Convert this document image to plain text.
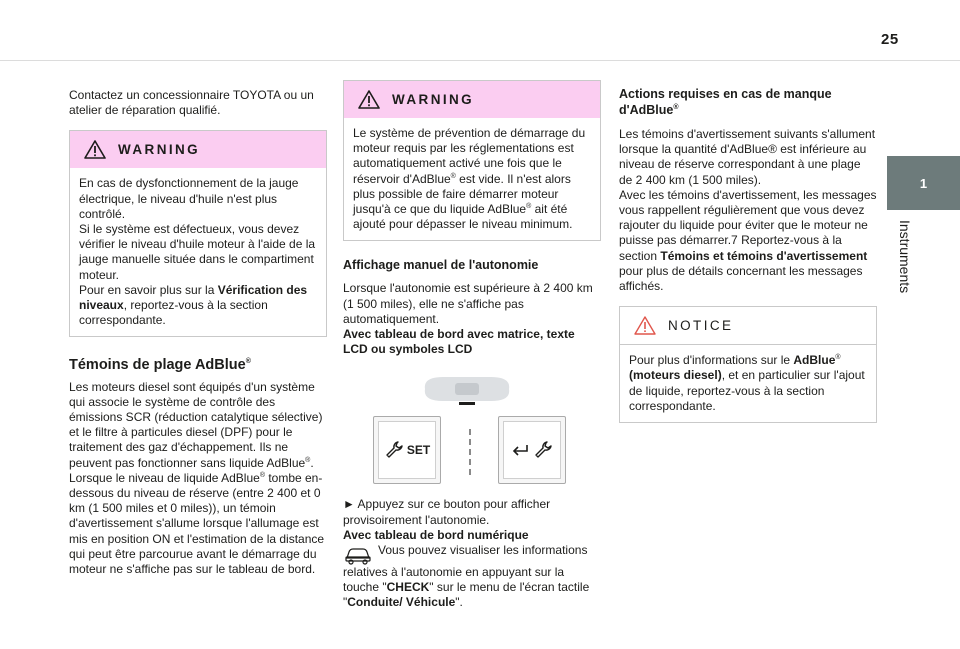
25
1
Instruments

Contactez un concessionnaire TOYOTA ou un atelier de réparation qualifié.

WARNING

En cas de dysfonctionnement de la jauge électrique, le niveau d'huile n'est plus contrôlé.

Si le système est défectueux, vous devez vérifier le niveau d'huile moteur à l'aide de la jauge manuelle située dans le compartiment moteur.

Pour en savoir plus sur la Vérification des niveaux, reportez-vous à la section correspondante.

Témoins de plage AdBlue®

Les moteurs diesel sont équipés d'un système qui associe le système de contrôle des émissions SCR (réduction catalytique sélective) et le filtre à particules diesel (DPF) pour le traitement des gaz d'échappement. Ils ne peuvent pas fonctionner sans liquide AdBlue®.

Lorsque le niveau de liquide AdBlue® tombe en-dessous du niveau de réserve (entre 2 400 et 0 km (1 500 miles et 0 miles)), un témoin d'avertissement s'allume lorsque l'allumage est mis en position ON et l'estimation de la distance qui peut être parcourue avant le démarrage du moteur ne s'affiche pas sur le tableau de bord.

WARNING

Le système de prévention de démarrage du moteur requis par les réglementations est automatiquement activé une fois que le réservoir d'AdBlue® est vide. Il n'est alors plus possible de faire démarrer moteur jusqu'à ce que du liquide AdBlue® ait été ajouté pour dépasser le niveau minimum.

Affichage manuel de l'autonomie

Lorsque l'autonomie est supérieure à 2 400 km (1 500 miles), elle ne s'affiche pas automatiquement.

Avec tableau de bord avec matrice, texte LCD ou symboles LCD

SET

► Appuyez sur ce bouton pour afficher provisoirement l'autonomie.

Avec tableau de bord numérique

Vous pouvez visualiser les informations relatives à l'autonomie en appuyant sur la touche "CHECK" sur le menu de l'écran tactile "Conduite/ Véhicule".

Actions requises en cas de manque d'AdBlue®

Les témoins d'avertissement suivants s'allument lorsque la quantité d'AdBlue® est inférieure au niveau de réserve correspondant à une plage de 2 400 km (1 500 miles).

Avec les témoins d'avertissement, les messages vous rappellent régulièrement que vous devez rajouter du liquide pour éviter que le moteur ne puisse pas démarrer.7 Reportez-vous à la section Témoins et témoins d'avertissement pour plus de détails concernant les messages affichés.

NOTICE

Pour plus d'informations sur le AdBlue® (moteurs diesel), et en particulier sur l'ajout de liquide, reportez-vous à la section correspondante.
